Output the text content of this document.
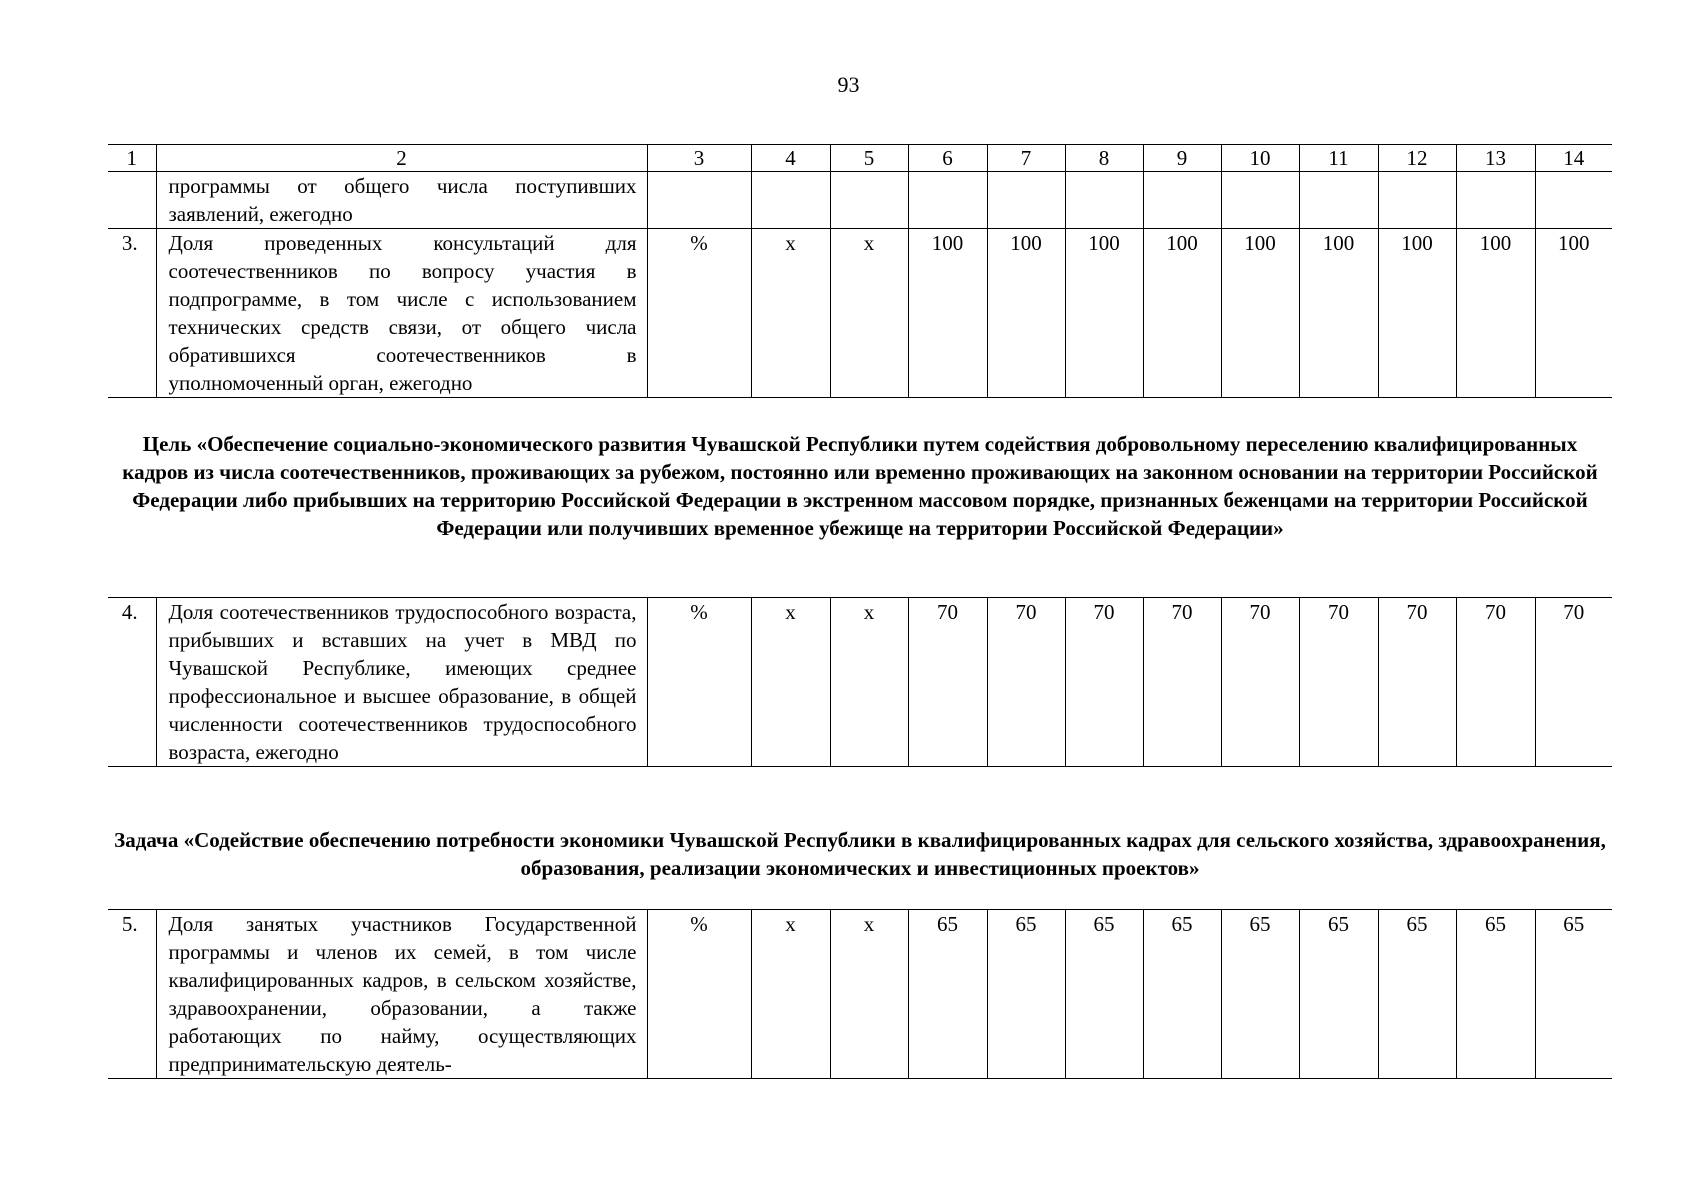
93
1	2	3	4	5	6	7	8	9	10	11	12	13	14
	программы от общего числа поступивших заявлений, ежегодно												
3.	Доля проведенных консультаций для соотечественников по вопросу участия в подпрограмме, в том числе с использованием технических средств связи, от общего числа обратившихся соотечественников в уполномоченный орган, ежегодно	%	х	х	100	100	100	100	100	100	100	100	100
Цель «Обеспечение социально-экономического развития Чувашской Республики путем содействия добровольному переселению квалифицированных кадров из числа соотечественников, проживающих за рубежом, постоянно или временно проживающих на законном основании на территории Российской Федерации либо прибывших на территорию Российской Федерации в экстренном массовом порядке, признанных беженцами на территории Российской Федерации или получивших временное убежище на территории Российской Федерации»
4.	Доля соотечественников трудоспособного возраста, прибывших и вставших на учет в МВД по Чувашской Республике, имеющих среднее профессиональное и высшее образование, в общей численности соотечественников трудоспособного возраста, ежегодно	%	х	х	70	70	70	70	70	70	70	70	70
Задача «Содействие обеспечению потребности экономики Чувашской Республики в квалифицированных кадрах для сельского хозяйства, здравоохранения, образования, реализации экономических и инвестиционных проектов»
5.	Доля занятых участников Государственной программы и членов их семей, в том числе квалифицированных кадров, в сельском хозяйстве, здравоохранении, образовании, а также работающих по найму, осуществляющих предпринимательскую деятель-	%	х	х	65	65	65	65	65	65	65	65	65
